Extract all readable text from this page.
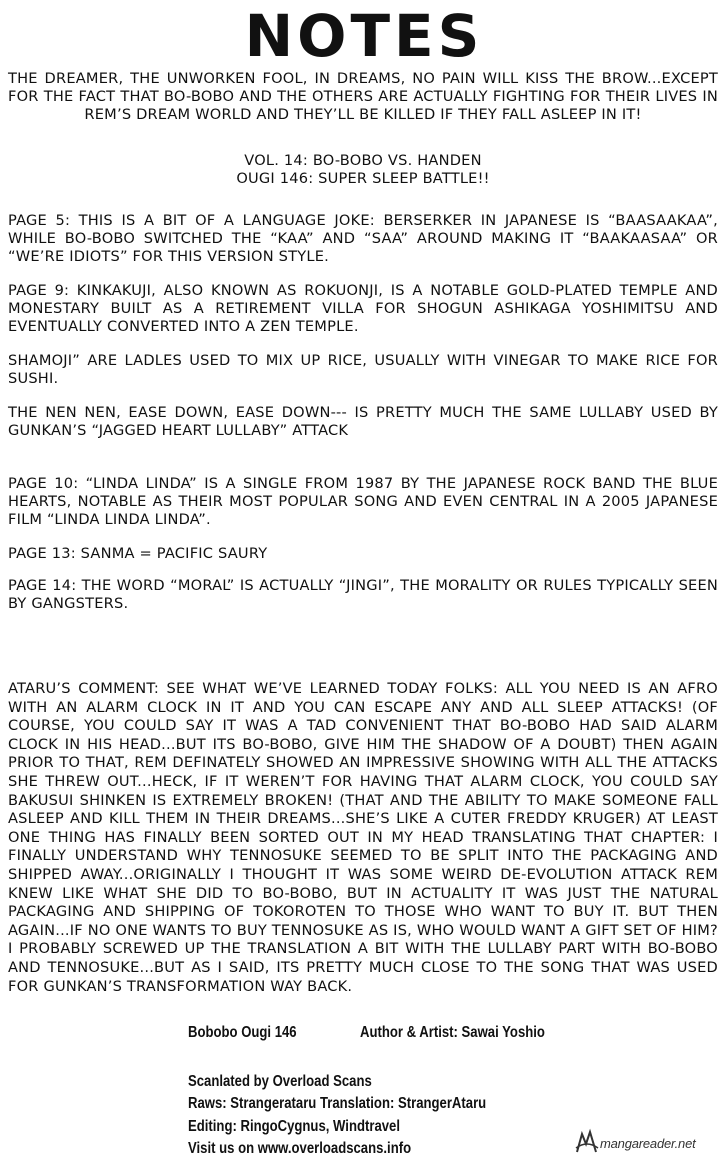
NOTES
THE DREAMER, THE UNWORKEN FOOL, IN DREAMS, NO PAIN WILL KISS THE BROW...EXCEPT FOR THE FACT THAT BO-BOBO AND THE OTHERS ARE ACTUALLY FIGHTING FOR THEIR LIVES IN REM’S DREAM WORLD AND THEY’LL BE KILLED IF THEY FALL ASLEEP IN IT!
VOL. 14: BO-BOBO VS. HANDEN
OUGI 146: SUPER SLEEP BATTLE!!
PAGE 5: THIS IS A BIT OF A LANGUAGE JOKE: BERSERKER IN JAPANESE IS “BAASAAKAA”, WHILE BO-BOBO SWITCHED THE “KAA” AND “SAA” AROUND MAKING IT “BAAKAASAA” OR “WE’RE IDIOTS” FOR THIS VERSION STYLE.
PAGE 9: KINKAKUJI, ALSO KNOWN AS ROKUONJI, IS A NOTABLE GOLD-PLATED TEMPLE AND MONESTARY BUILT AS A RETIREMENT VILLA FOR SHOGUN ASHIKAGA YOSHIMITSU AND EVENTUALLY CONVERTED INTO A ZEN TEMPLE.
SHAMOJI” ARE LADLES USED TO MIX UP RICE, USUALLY WITH VINEGAR TO MAKE RICE FOR SUSHI.
THE NEN NEN, EASE DOWN, EASE DOWN--- IS PRETTY MUCH THE SAME LULLABY USED BY GUNKAN’S “JAGGED HEART LULLABY” ATTACK
PAGE 10: “LINDA LINDA” IS A SINGLE FROM 1987 BY THE JAPANESE ROCK BAND THE BLUE HEARTS, NOTABLE AS THEIR MOST POPULAR SONG AND EVEN CENTRAL IN A 2005 JAPANESE FILM “LINDA LINDA LINDA”.
PAGE 13: SANMA = PACIFIC SAURY
PAGE 14: THE WORD “MORAL” IS ACTUALLY “JINGI”, THE MORALITY OR RULES TYPICALLY SEEN BY GANGSTERS.
ATARU’S COMMENT: SEE WHAT WE’VE LEARNED TODAY FOLKS: ALL YOU NEED IS AN AFRO WITH AN ALARM CLOCK IN IT AND YOU CAN ESCAPE ANY AND ALL SLEEP ATTACKS! (OF COURSE, YOU COULD SAY IT WAS A TAD CONVENIENT THAT BO-BOBO HAD SAID ALARM CLOCK IN HIS HEAD...BUT ITS BO-BOBO, GIVE HIM THE SHADOW OF A DOUBT) THEN AGAIN PRIOR TO THAT, REM DEFINATELY SHOWED AN IMPRESSIVE SHOWING WITH ALL THE ATTACKS SHE THREW OUT...HECK, IF IT WEREN’T FOR HAVING THAT ALARM CLOCK, YOU COULD SAY BAKUSUI SHINKEN IS EXTREMELY BROKEN! (THAT AND THE ABILITY TO MAKE SOMEONE FALL ASLEEP AND KILL THEM IN THEIR DREAMS...SHE’S LIKE A CUTER FREDDY KRUGER) AT LEAST ONE THING HAS FINALLY BEEN SORTED OUT IN MY HEAD TRANSLATING THAT CHAPTER: I FINALLY UNDERSTAND WHY TENNOSUKE SEEMED TO BE SPLIT INTO THE PACKAGING AND SHIPPED AWAY...ORIGINALLY I THOUGHT IT WAS SOME WEIRD DE-EVOLUTION ATTACK REM KNEW LIKE WHAT SHE DID TO BO-BOBO, BUT IN ACTUALITY IT WAS JUST THE NATURAL PACKAGING AND SHIPPING OF TOKOROTEN TO THOSE WHO WANT TO BUY IT. BUT THEN AGAIN...IF NO ONE WANTS TO BUY TENNOSUKE AS IS, WHO WOULD WANT A GIFT SET OF HIM? I PROBABLY SCREWED UP THE TRANSLATION A BIT WITH THE LULLABY PART WITH BO-BOBO AND TENNOSUKE...BUT AS I SAID, ITS PRETTY MUCH CLOSE TO THE SONG THAT WAS USED FOR GUNKAN’S TRANSFORMATION WAY BACK.
Bobobo Ougi 146	Author & Artist: Sawai Yoshio
Scanlated by Overload Scans
Raws: Strangerataru Translation: StrangerAtaru
Editing: RingoCygnus, Windtravel
Visit us on www.overloadscans.info	mangareader.net
